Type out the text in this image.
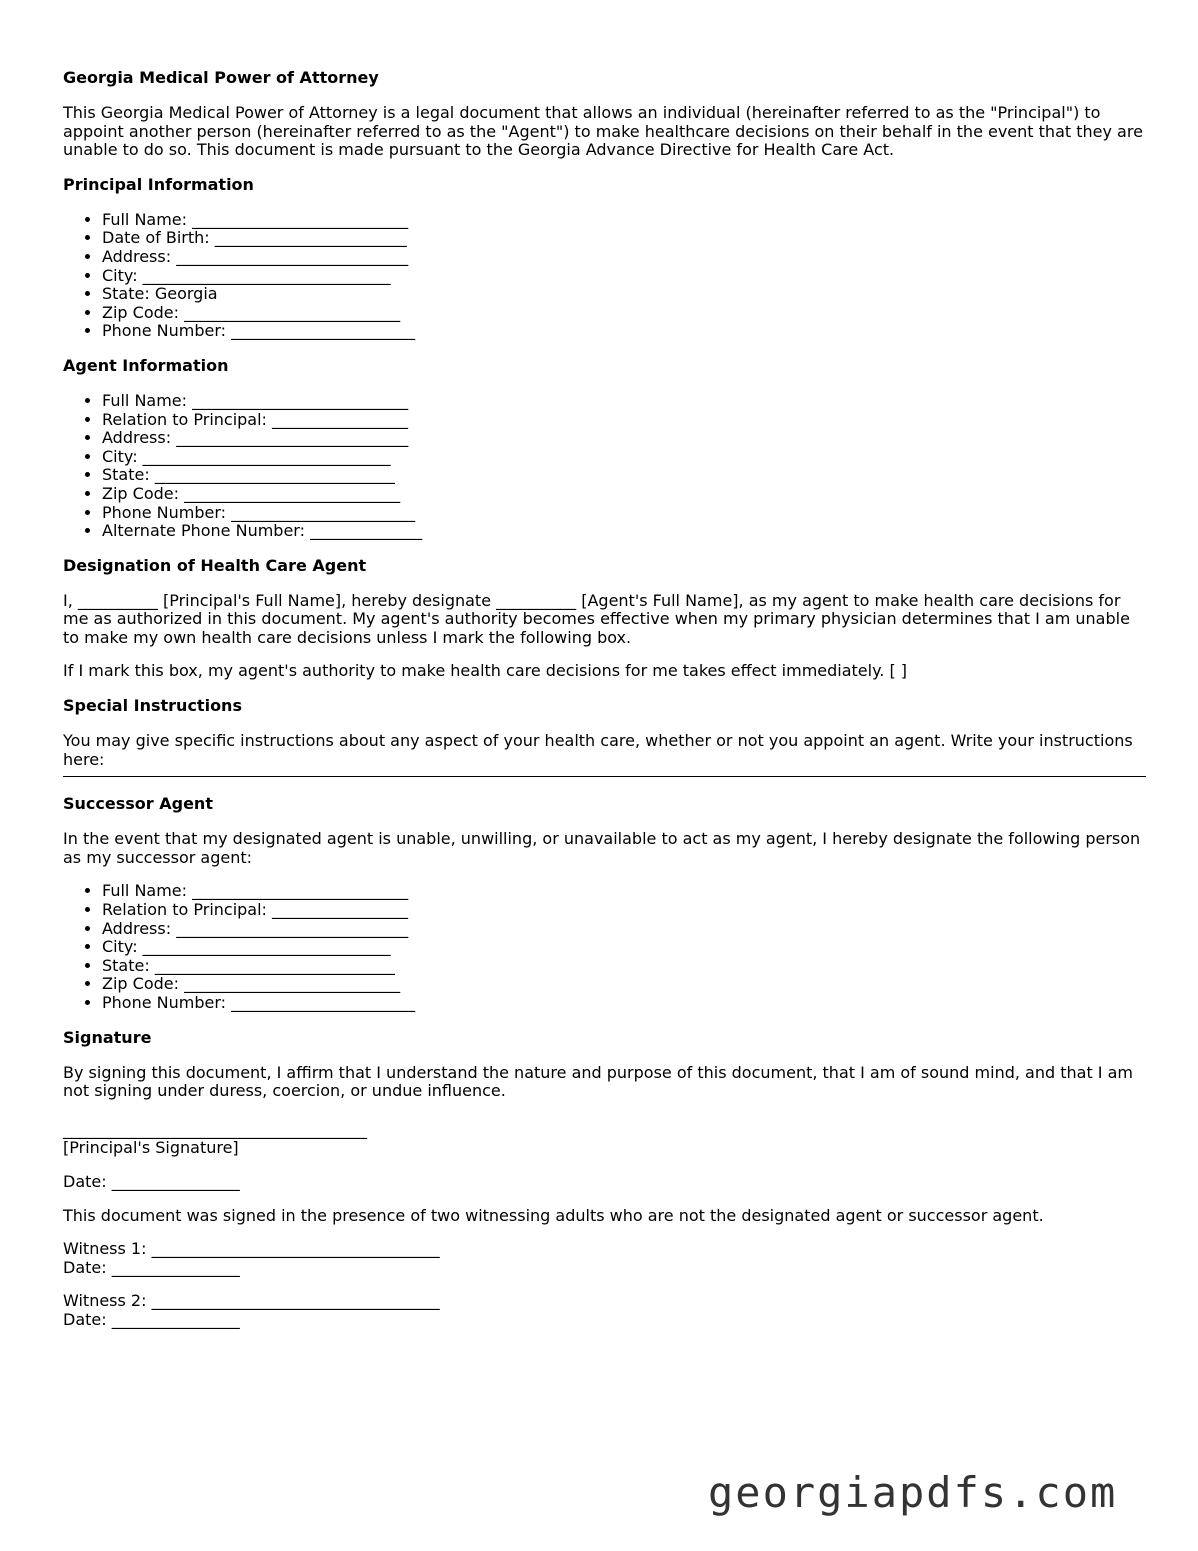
Georgia Medical Power of Attorney

This Georgia Medical Power of Attorney is a legal document that allows an individual (hereinafter referred to as the "Principal") to appoint another person (hereinafter referred to as the "Agent") to make healthcare decisions on their behalf in the event that they are unable to do so. This document is made pursuant to the Georgia Advance Directive for Health Care Act.

Principal Information
• Full Name: ___________________________
• Date of Birth: ________________________
• Address: _____________________________
• City: _______________________________
• State: Georgia
• Zip Code: ___________________________
• Phone Number: _______________________
Agent Information
• Full Name: ___________________________
• Relation to Principal: _________________
• Address: _____________________________
• City: _______________________________
• State: ______________________________
• Zip Code: ___________________________
• Phone Number: _______________________
• Alternate Phone Number: ______________
Designation of Health Care Agent

I, __________ [Principal's Full Name], hereby designate __________ [Agent's Full Name], as my agent to make health care decisions for me as authorized in this document. My agent's authority becomes effective when my primary physician determines that I am unable to make my own health care decisions unless I mark the following box.

If I mark this box, my agent's authority to make health care decisions for me takes effect immediately. [ ]

Special Instructions

You may give specific instructions about any aspect of your health care, whether or not you appoint an agent. Write your instructions here:

Successor Agent

In the event that my designated agent is unable, unwilling, or unavailable to act as my agent, I hereby designate the following person as my successor agent:

• Full Name: ___________________________
• Relation to Principal: _________________
• Address: _____________________________
• City: _______________________________
• State: ______________________________
• Zip Code: ___________________________
• Phone Number: _______________________
Signature

By signing this document, I affirm that I understand the nature and purpose of this document, that I am of sound mind, and that I am not signing under duress, coercion, or undue influence.

______________________________________
[Principal's Signature]

Date: ________________

This document was signed in the presence of two witnessing adults who are not the designated agent or successor agent.

Witness 1: ____________________________________
Date: ________________

Witness 2: ____________________________________
Date: ________________

georgiapdfs.com
